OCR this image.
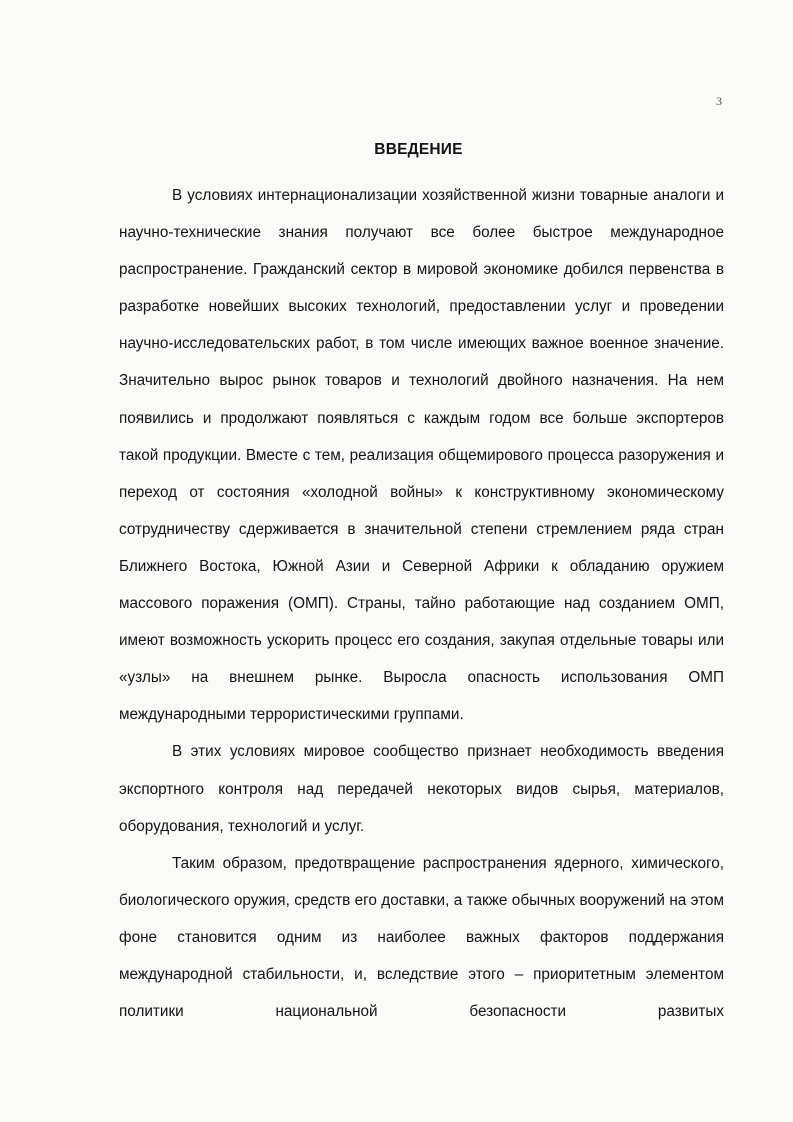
3
ВВЕДЕНИЕ

В условиях интернационализации хозяйственной жизни товарные аналоги и научно-технические знания получают все более быстрое международное распространение. Гражданский сектор в мировой экономике добился первенства в разработке новейших высоких технологий, предоставлении услуг и проведении научно-исследовательских работ, в том числе имеющих важное военное значение. Значительно вырос рынок товаров и технологий двойного назначения. На нем появились и продолжают появляться с каждым годом все больше экспортеров такой продукции. Вместе с тем, реализация общемирового процесса разоружения и переход от состояния «холодной войны» к конструктивному экономическому сотрудничеству сдерживается в значительной степени стремлением ряда стран Ближнего Востока, Южной Азии и Северной Африки к обладанию оружием массового поражения (ОМП). Страны, тайно работающие над созданием ОМП, имеют возможность ускорить процесс его создания, закупая отдельные товары или «узлы» на внешнем рынке. Выросла опасность использования ОМП международными террористическими группами.

В этих условиях мировое сообщество признает необходимость введения экспортного контроля над передачей некоторых видов сырья, материалов, оборудования, технологий и услуг.

Таким образом, предотвращение распространения ядерного, химического, биологического оружия, средств его доставки, а также обычных вооружений на этом фоне становится одним из наиболее важных факторов поддержания международной стабильности, и, вследствие этого – приоритетным элементом политики национальной безопасности развитых
